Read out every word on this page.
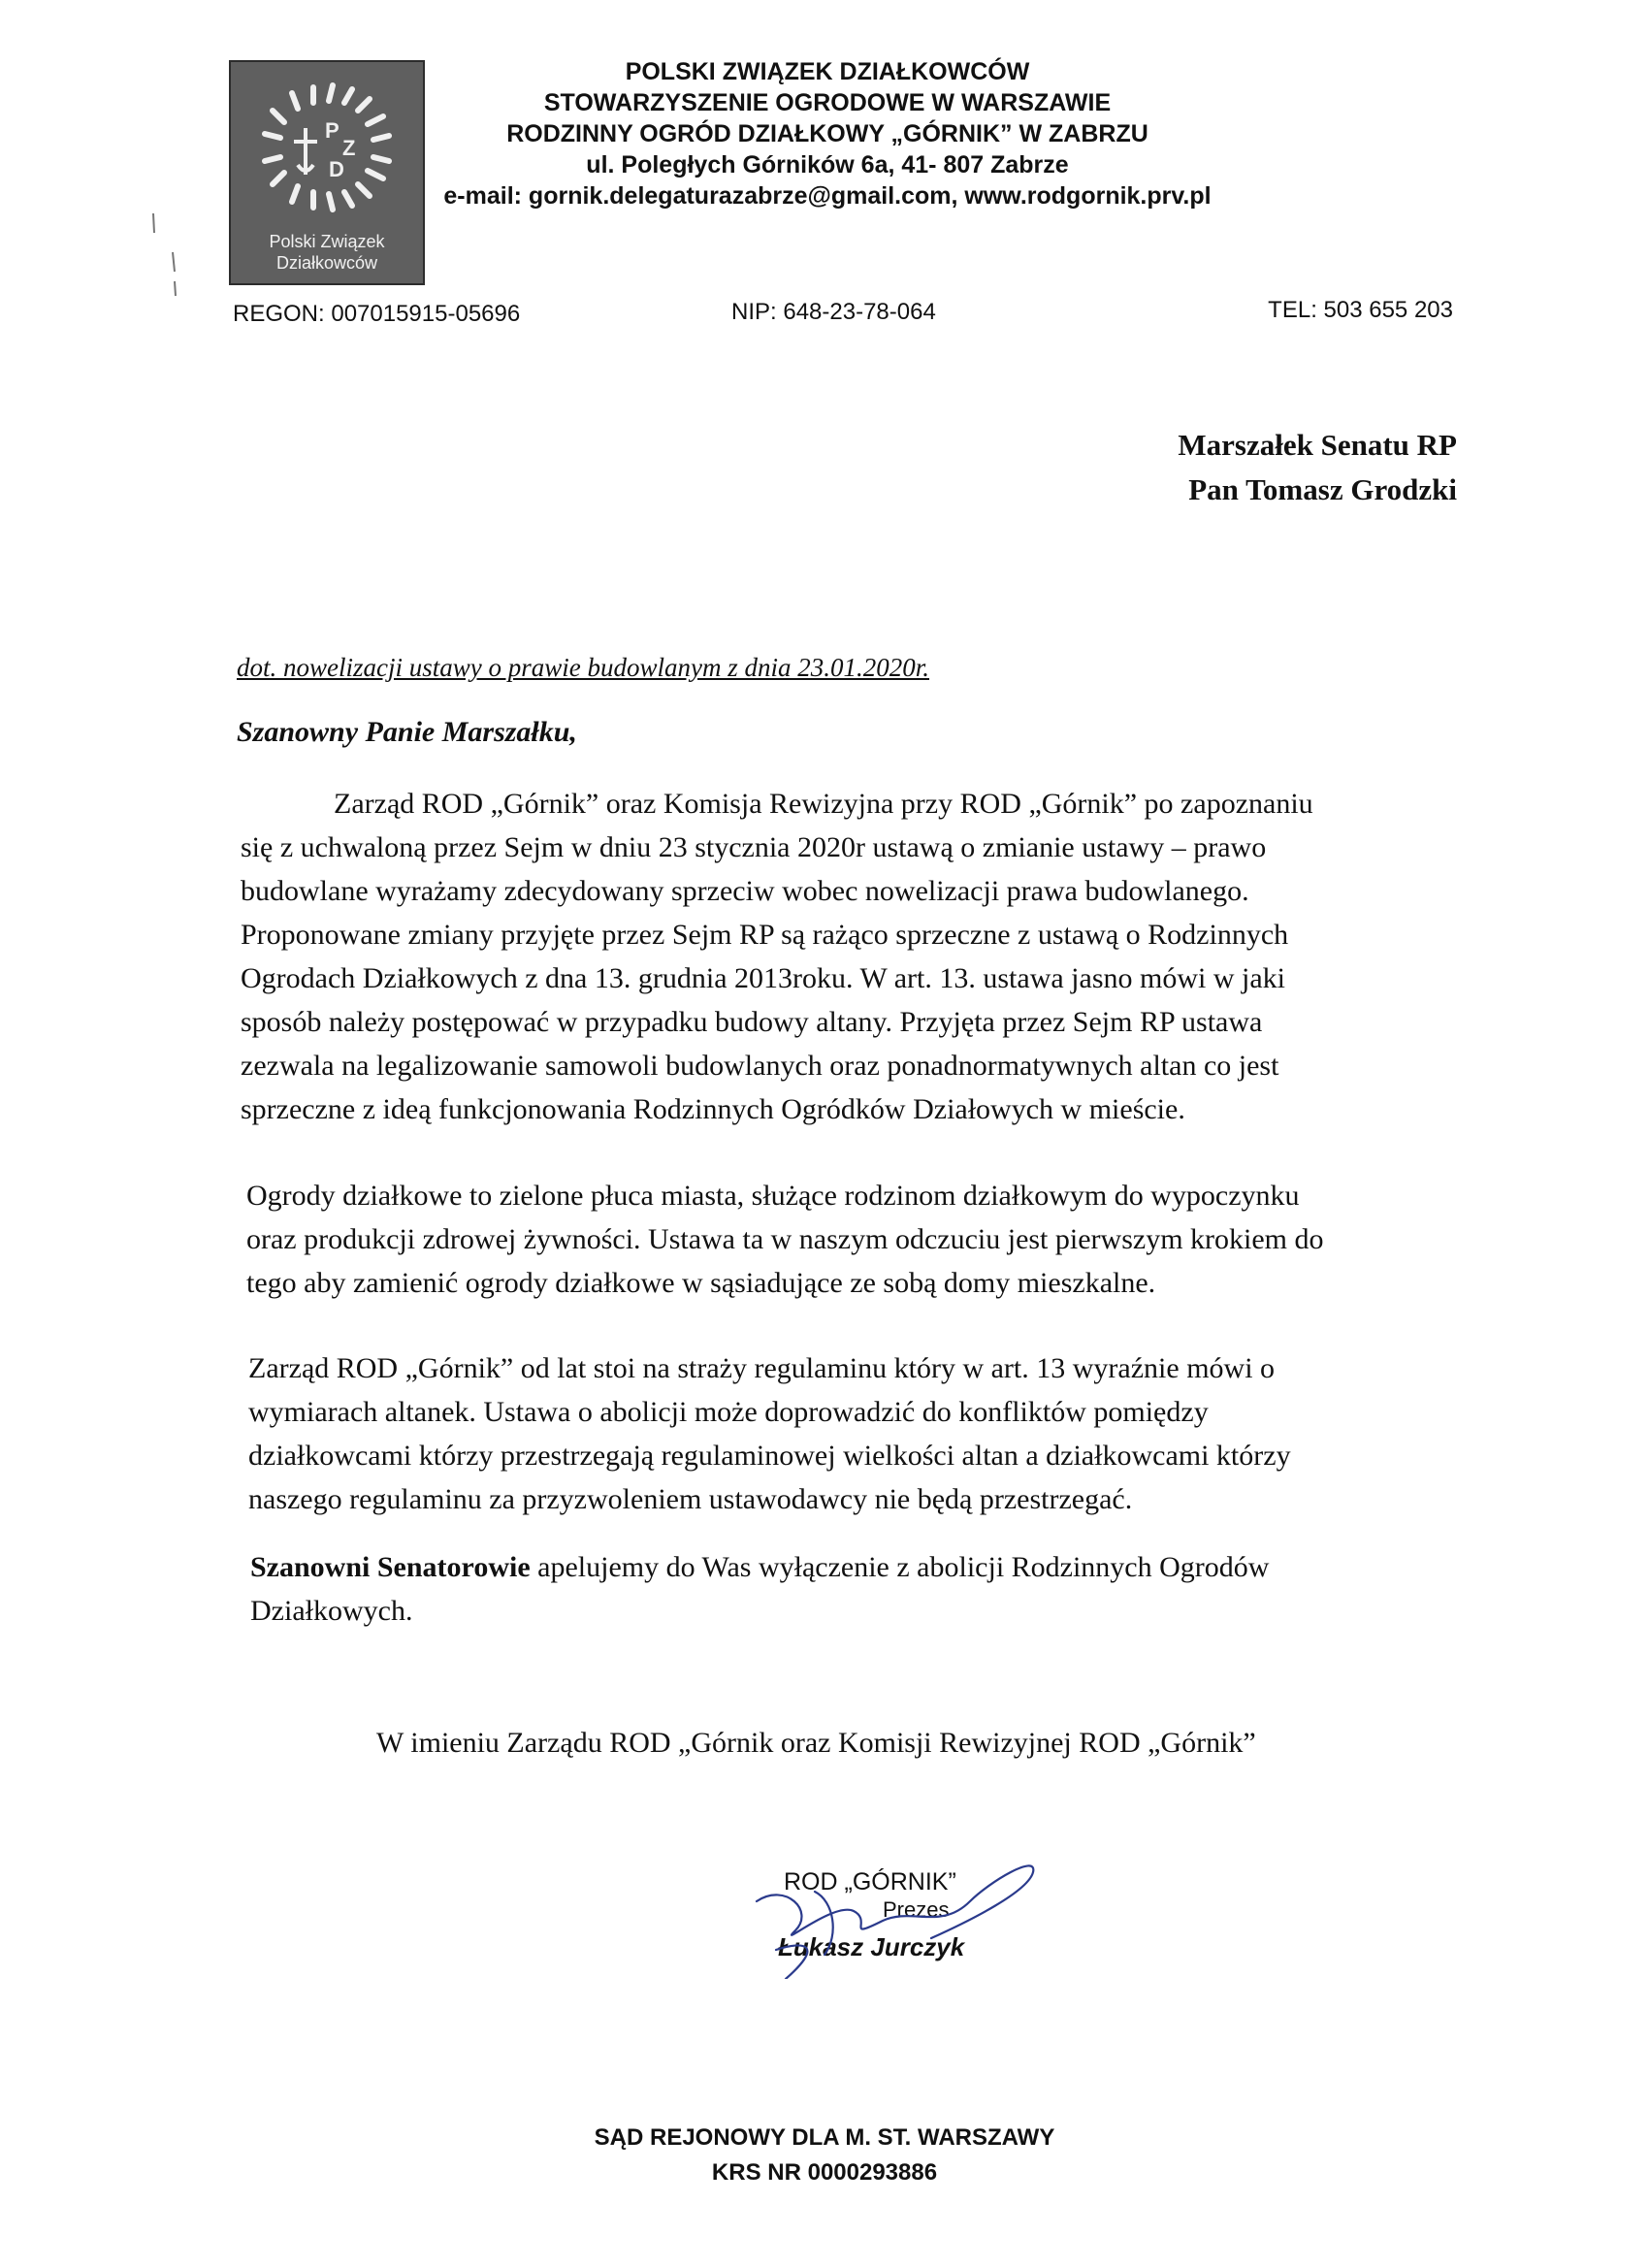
P
Z
D
Polski Związek
Działkowców
POLSKI ZWIĄZEK DZIAŁKOWCÓW
STOWARZYSZENIE OGRODOWE W WARSZAWIE
RODZINNY OGRÓD DZIAŁKOWY „GÓRNIK” W ZABRZU
ul. Poległych Górników 6a, 41- 807 Zabrze
e-mail: gornik.delegaturazabrze@gmail.com, www.rodgornik.prv.pl
REGON: 007015915-05696	NIP: 648-23-78-064	TEL: 503 655 203
Marszałek Senatu RP
Pan Tomasz Grodzki
dot. nowelizacji ustawy o prawie budowlanym z dnia 23.01.2020r.
Szanowny Panie Marszałku,
Zarząd ROD „Górnik” oraz Komisja Rewizyjna przy ROD „Górnik” po zapoznaniu
się z uchwaloną przez Sejm w dniu 23 stycznia 2020r ustawą o zmianie ustawy – prawo
budowlane wyrażamy zdecydowany sprzeciw wobec nowelizacji prawa budowlanego.
Proponowane zmiany przyjęte przez Sejm RP są rażąco sprzeczne z ustawą o Rodzinnych
Ogrodach Działkowych z dna 13. grudnia 2013roku. W art. 13. ustawa jasno mówi w jaki
sposób należy postępować w przypadku budowy altany. Przyjęta przez Sejm RP ustawa
zezwala na legalizowanie samowoli budowlanych oraz ponadnormatywnych altan co jest
sprzeczne z ideą funkcjonowania Rodzinnych Ogródków Działowych w mieście.
Ogrody działkowe to zielone płuca miasta, służące rodzinom działkowym do wypoczynku
oraz produkcji zdrowej żywności. Ustawa ta w naszym odczuciu jest pierwszym krokiem do
tego aby zamienić ogrody działkowe w sąsiadujące ze sobą domy mieszkalne.
Zarząd ROD „Górnik” od lat stoi na straży regulaminu który w art. 13 wyraźnie mówi o
wymiarach altanek. Ustawa o abolicji może doprowadzić do konfliktów pomiędzy
działkowcami którzy przestrzegają regulaminowej wielkości altan a działkowcami którzy
naszego regulaminu za przyzwoleniem ustawodawcy nie będą przestrzegać.
Szanowni Senatorowie apelujemy do Was wyłączenie z abolicji Rodzinnych Ogrodów
Działkowych.
W imieniu Zarządu ROD „Górnik oraz Komisji Rewizyjnej ROD „Górnik”
ROD „GÓRNIK”
Prezes
Łukasz Jurczyk
SĄD REJONOWY DLA M. ST. WARSZAWY
KRS NR 0000293886
